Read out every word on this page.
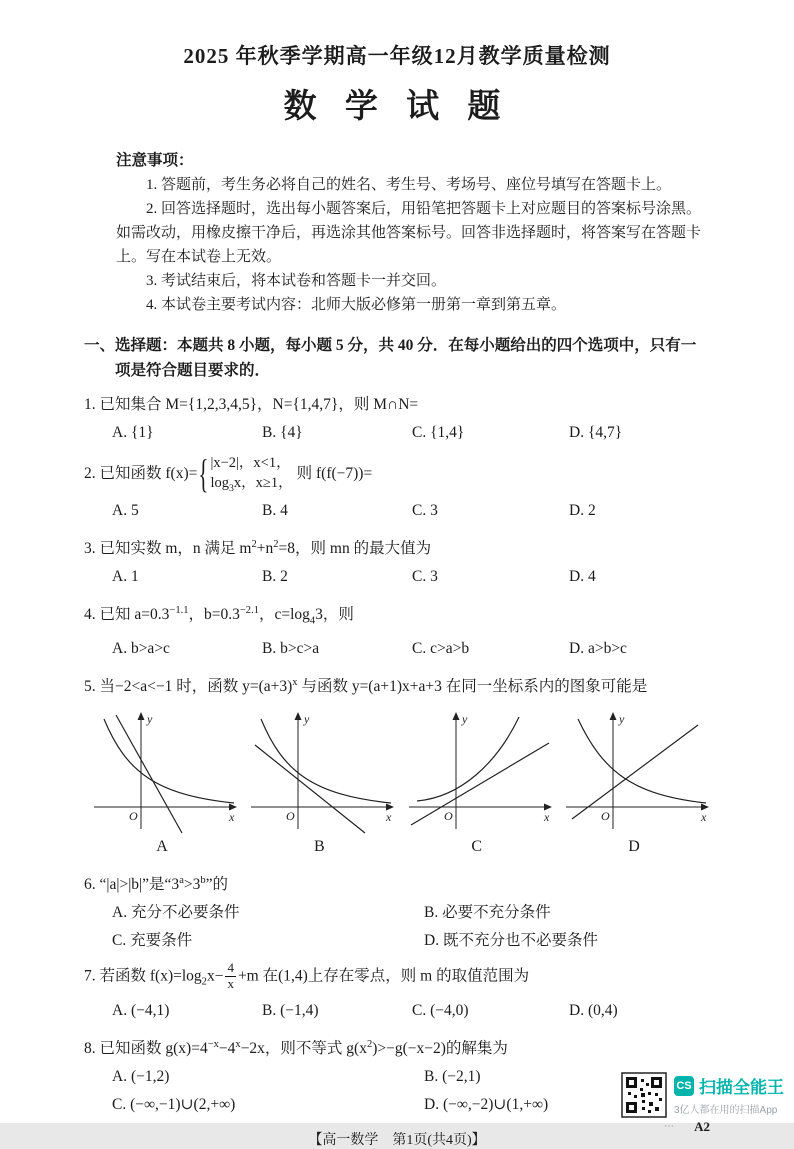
2025 年秋季学期高一年级12月教学质量检测
数 学 试 题
注意事项：

1. 答题前，考生务必将自己的姓名、考生号、考场号、座位号填写在答题卡上。

2. 回答选择题时，选出每小题答案后，用铅笔把答题卡上对应题目的答案标号涂黑。如需改动，用橡皮擦干净后，再选涂其他答案标号。回答非选择题时，将答案写在答题卡上。写在本试卷上无效。

3. 考试结束后，将本试卷和答题卡一并交回。

4. 本试卷主要考试内容：北师大版必修第一册第一章到第五章。

一、选择题：本题共 8 小题，每小题 5 分，共 40 分．在每小题给出的四个选项中，只有一项是符合题目要求的．

1. 已知集合 M={1,2,3,4,5}，N={1,4,7}，则 M∩N=

A. {1}	B. {4}	C. {1,4}	D. {4,7}

2. 已知函数 f(x)={ |x−2|，x<1，
$\log_3x$，x≥1，
则 f(f(−7))=

A. 5	B. 4	C. 3	D. 2

3. 已知实数 m，n 满足 $m^2+n^2=8$，则 mn 的最大值为

A. 1	B. 2	C. 3	D. 4

4. 已知 $a=0.3^{-1.1}$，$b=0.3^{-2.1}$，$c=\log_43$，则

A. b>a>c	B. b>c>a	C. c>a>b	D. a>b>c

5. 当−2<a<−1 时，函数 $y=(a+3)^x$ 与函数 y=(a+1)x+a+3 在同一坐标系内的图象可能是

y
x
O
A
y
x
O
B
y
x
O
C
y
x
O
D

6. “|a|>|b|”是“$3^a>3^b$”的

A. 充分不必要条件	B. 必要不充分条件
C. 充要条件	D. 既不充分也不必要条件

7. 若函数 $f(x)=\log_2x- \frac{4}{x} +m$ 在(1,4)上存在零点，则 m 的取值范围为

A. (−4,1)	B. (−1,4)	C. (−4,0)	D. (0,4)

8. 已知函数 $g(x)=4^{-x}-4^x-2x$，则不等式 $g(x^2)>-g(-x-2)$的解集为

A. (−1,2)	B. (−2,1)
C. (−∞,−1)∪(2,+∞)	D. (−∞,−2)∪(1,+∞)
【高一数学　第1页(共4页)】
⋯ A2
CS 扫描全能王
3亿人都在用的扫描App
